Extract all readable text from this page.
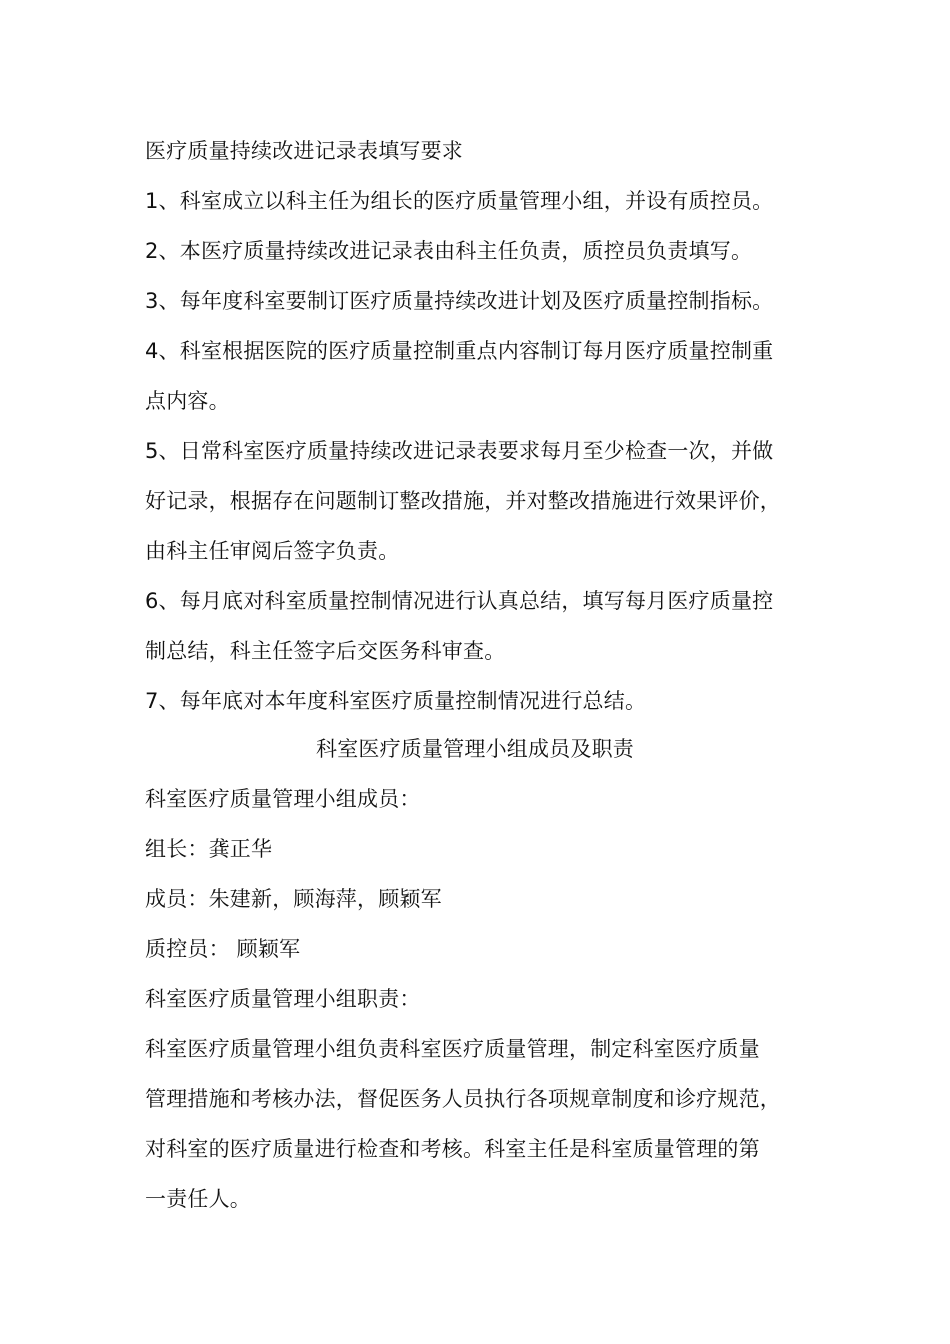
医疗质量持续改进记录表填写要求
1、科室成立以科主任为组长的医疗质量管理小组，并设有质控员。
2、本医疗质量持续改进记录表由科主任负责，质控员负责填写。
3、每年度科室要制订医疗质量持续改进计划及医疗质量控制指标。
4、科室根据医院的医疗质量控制重点内容制订每月医疗质量控制重
点内容。
5、日常科室医疗质量持续改进记录表要求每月至少检查一次，并做
好记录，根据存在问题制订整改措施，并对整改措施进行效果评价，
由科主任审阅后签字负责。
6、每月底对科室质量控制情况进行认真总结，填写每月医疗质量控
制总结，科主任签字后交医务科审查。
7、每年底对本年度科室医疗质量控制情况进行总结。
科室医疗质量管理小组成员及职责
科室医疗质量管理小组成员：
组长：龚正华
成员：朱建新，顾海萍，顾颖军
质控员： 顾颖军
科室医疗质量管理小组职责：
科室医疗质量管理小组负责科室医疗质量管理，制定科室医疗质量
管理措施和考核办法，督促医务人员执行各项规章制度和诊疗规范，
对科室的医疗质量进行检查和考核。科室主任是科室质量管理的第
一责任人。
